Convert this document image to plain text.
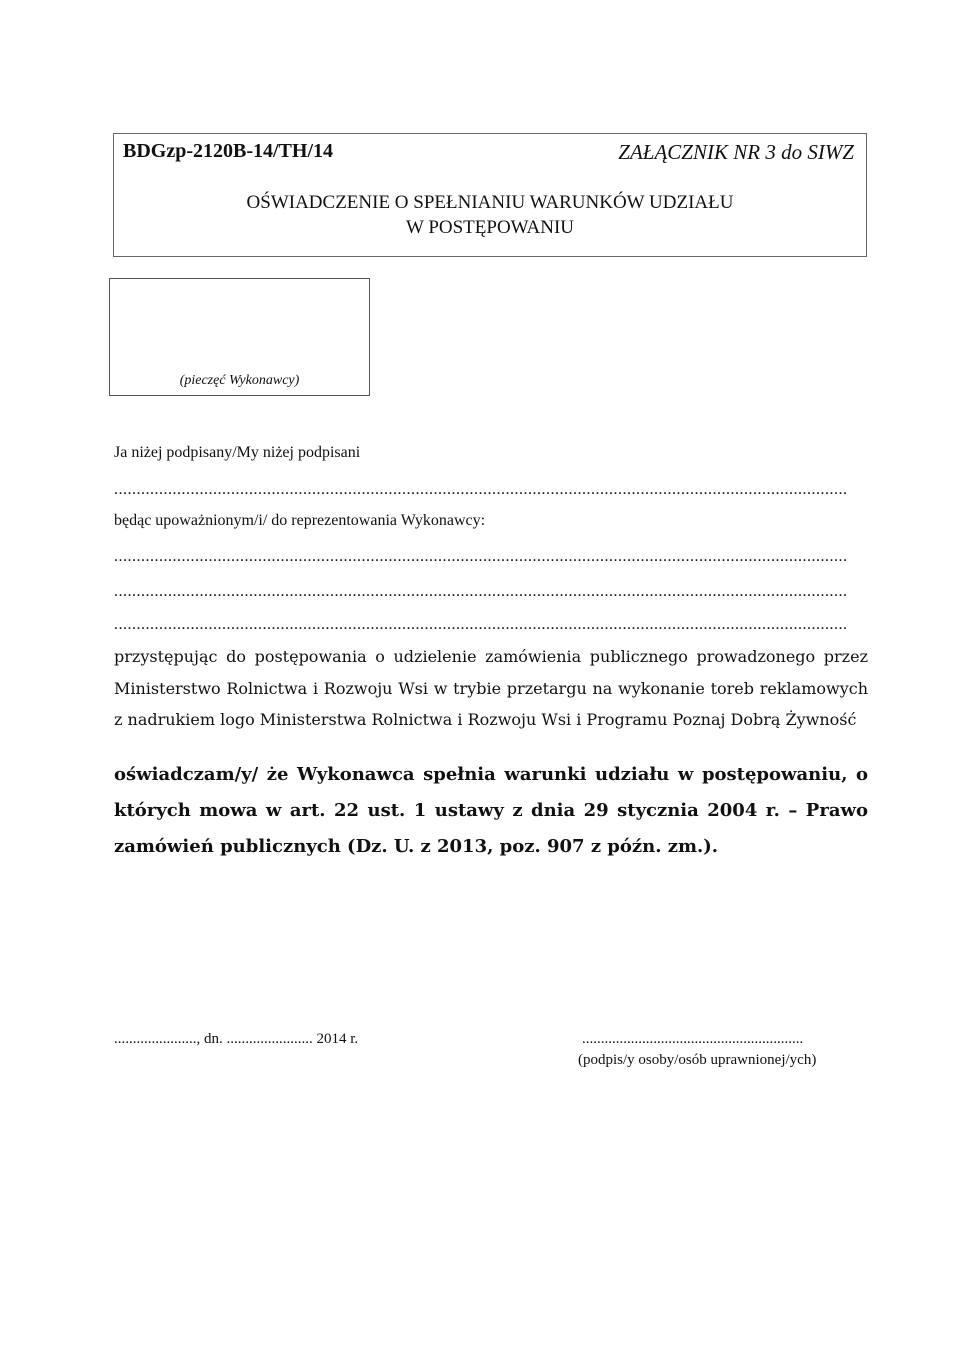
BDGzp-2120B-14/TH/14	ZAŁĄCZNIK NR 3 do SIWZ
OŚWIADCZENIE O SPEŁNIANIU WARUNKÓW UDZIAŁU
W POSTĘPOWANIU
(pieczęć Wykonawcy)
Ja niżej podpisany/My niżej podpisani
.....
będąc upoważnionym/i/ do reprezentowania Wykonawcy:
.....
.....
.....

przystępując do postępowania o udzielenie zamówienia publicznego prowadzonego przez Ministerstwo Rolnictwa i Rozwoju Wsi w trybie przetargu na wykonanie toreb reklamowych z nadrukiem logo Ministerstwa Rolnictwa i Rozwoju Wsi i Programu Poznaj Dobrą Żywność

oświadczam/y/ że Wykonawca spełnia warunki udziału w postępowaniu, o których mowa w art. 22 ust. 1 ustawy z dnia 29 stycznia 2004 r. – Prawo zamówień publicznych (Dz. U. z 2013, poz. 907 z późn. zm.).

......................, dn. ....................... 2014 r.	...........................................................
(podpis/y osoby/osób uprawnionej/ych)
